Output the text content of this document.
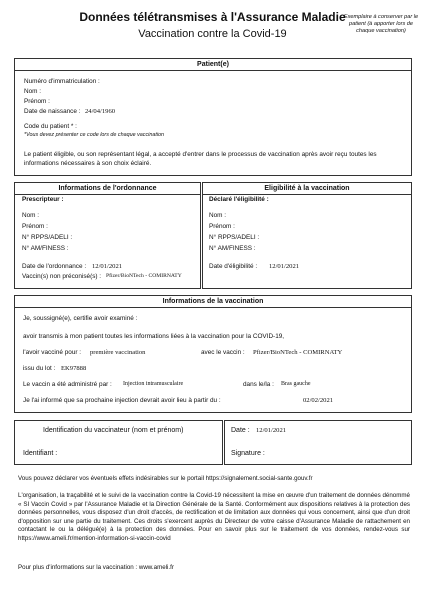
Données télétransmises à l'Assurance Maladie
Vaccination contre la Covid-19
Exemplaire à conserver par le patient (à apporter lors de chaque vaccination)
Patient(e)
Numéro d'immatriculation :
Nom :
Prénom :
Date de naissance : 24/04/1960
Code du patient * :
*Vous devez présenter ce code lors de chaque vaccination
Le patient éligible, ou son représentant légal, a accepté d'entrer dans le processus de vaccination après avoir reçu toutes les informations nécessaires à son choix éclairé.
Informations de l'ordonnance
Prescripteur :
Nom :
Prénom :
N° RPPS/ADELI :
N° AM/FINESS :
Date de l'ordonnance : 12/01/2021
Vaccin(s) non préconisé(s) : Pfizer/BioNTech - COMIRNATY
Eligibilité à la vaccination
Déclaré l'éligibilité :
Nom :
Prénom :
N° RPPS/ADELI :
N° AM/FINESS :
Date d'éligibilité : 12/01/2021
Informations de la vaccination
Je, soussigné(e), certifie avoir examiné :
avoir transmis à mon patient toutes les informations liées à la vaccination pour la COVID-19,
l'avoir vacciné pour : première vaccination	avec le vaccin : Pfizer/BioNTech - COMIRNATY
issu du lot : EK97888
Le vaccin a été administré par : Injection intramusculaire	dans le/la : Bras gauche
Je l'ai informé que sa prochaine injection devrait avoir lieu à partir du :	02/02/2021
Identification du vaccinateur (nom et prénom)
Identifiant :
Date : 12/01/2021
Signature :
Vous pouvez déclarer vos éventuels effets indésirables sur le portail https://signalement.social-sante.gouv.fr
L'organisation, la traçabilité et le suivi de la vaccination contre la Covid-19 nécessitent la mise en œuvre d'un traitement de données dénommé « SI Vaccin Covid » par l'Assurance Maladie et la Direction Générale de la Santé. Conformément aux dispositions relatives à la protection des données personnelles, vous disposez d'un droit d'accès, de rectification et de limitation aux données qui vous concernent, ainsi que d'un droit d'opposition sur une partie du traitement. Ces droits s'exercent auprès du Directeur de votre caisse d'Assurance Maladie de rattachement en contactant le ou la délégué(e) à la protection des données. Pour en savoir plus sur le traitement de vos données, rendez-vous sur https://www.ameli.fr/mention-information-si-vaccin-covid
Pour plus d'informations sur la vaccination : www.ameli.fr
